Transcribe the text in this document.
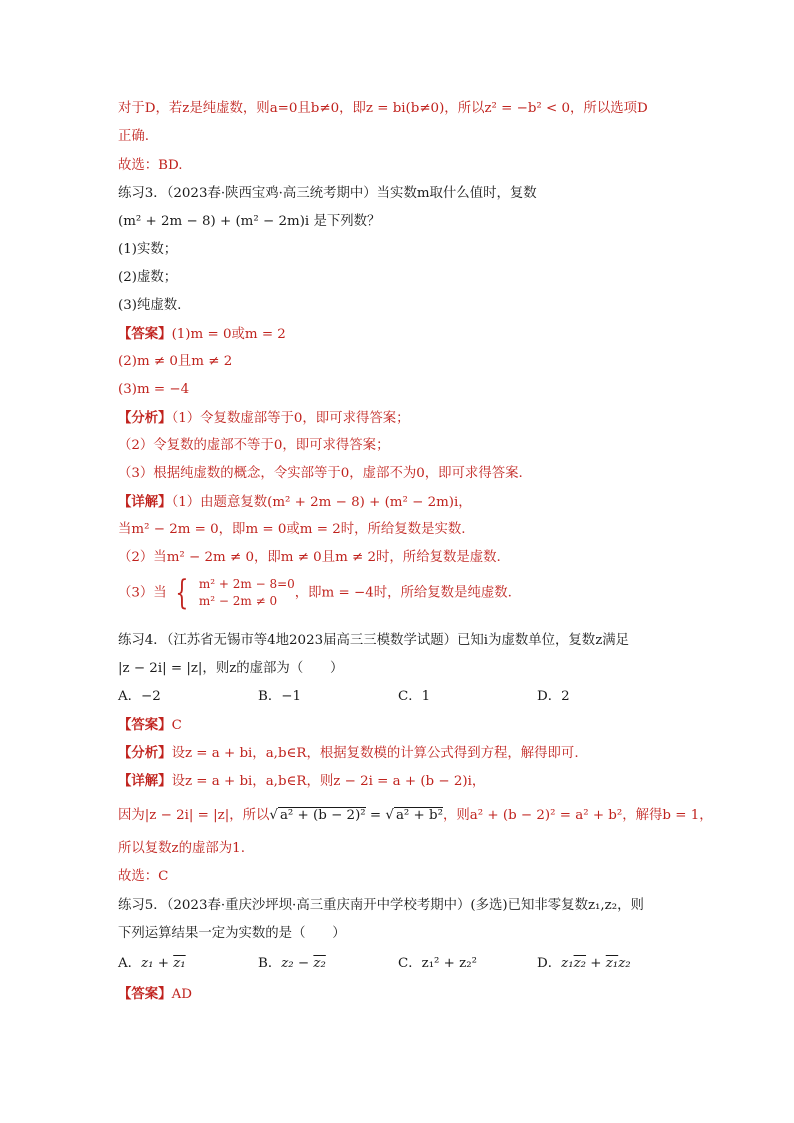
对于D，若z是纯虚数，则a=0且b≠0，即z = bi(b≠0)，所以z² = −b² < 0，所以选项D
正确.
故选：BD.
练习3．（2023春·陕西宝鸡·高三统考期中）当实数m取什么值时，复数
(m² + 2m − 8) + (m² − 2m)i 是下列数？
(1)实数；
(2)虚数；
(3)纯虚数.
【答案】(1)m = 0或m = 2
(2)m ≠ 0且m ≠ 2
(3)m = −4
【分析】（1）令复数虚部等于0，即可求得答案；
（2）令复数的虚部不等于0，即可求得答案；
（3）根据纯虚数的概念，令实部等于0，虚部不为0，即可求得答案.
【详解】（1）由题意复数(m² + 2m − 8) + (m² − 2m)i，
当m² − 2m = 0，即m = 0或m = 2时，所给复数是实数.
（2）当m² − 2m ≠ 0，即m ≠ 0且m ≠ 2时，所给复数是虚数.
（3）当 { m² + 2m − 8=0
m² − 2m ≠ 0	，即m = −4时，所给复数是纯虚数.
练习4．（江苏省无锡市等4地2023届高三三模数学试题）已知i为虚数单位，复数z满足
|z − 2i| = |z|，则z的虚部为（　　）
A．−2	B．−1	C．1	D．2
【答案】C
【分析】设z = a + bi，a,b∈R，根据复数模的计算公式得到方程，解得即可.
【详解】设z = a + bi，a,b∈R，则z − 2i = a + (b − 2)i，
因为|z − 2i| = |z|，所以√ a² + (b − 2)² = √ a² + b²，则a² + (b − 2)² = a² + b²，解得b = 1，
所以复数z的虚部为1.
故选：C
练习5．（2023春·重庆沙坪坝·高三重庆南开中学校考期中）(多选)已知非零复数z₁,z₂，则
下列运算结果一定为实数的是（　　）
A．z₁ + z₁	B．z₂ − z₂	C．z₁² + z₂²	D．z₁z₂ + z₁z₂
【答案】AD
